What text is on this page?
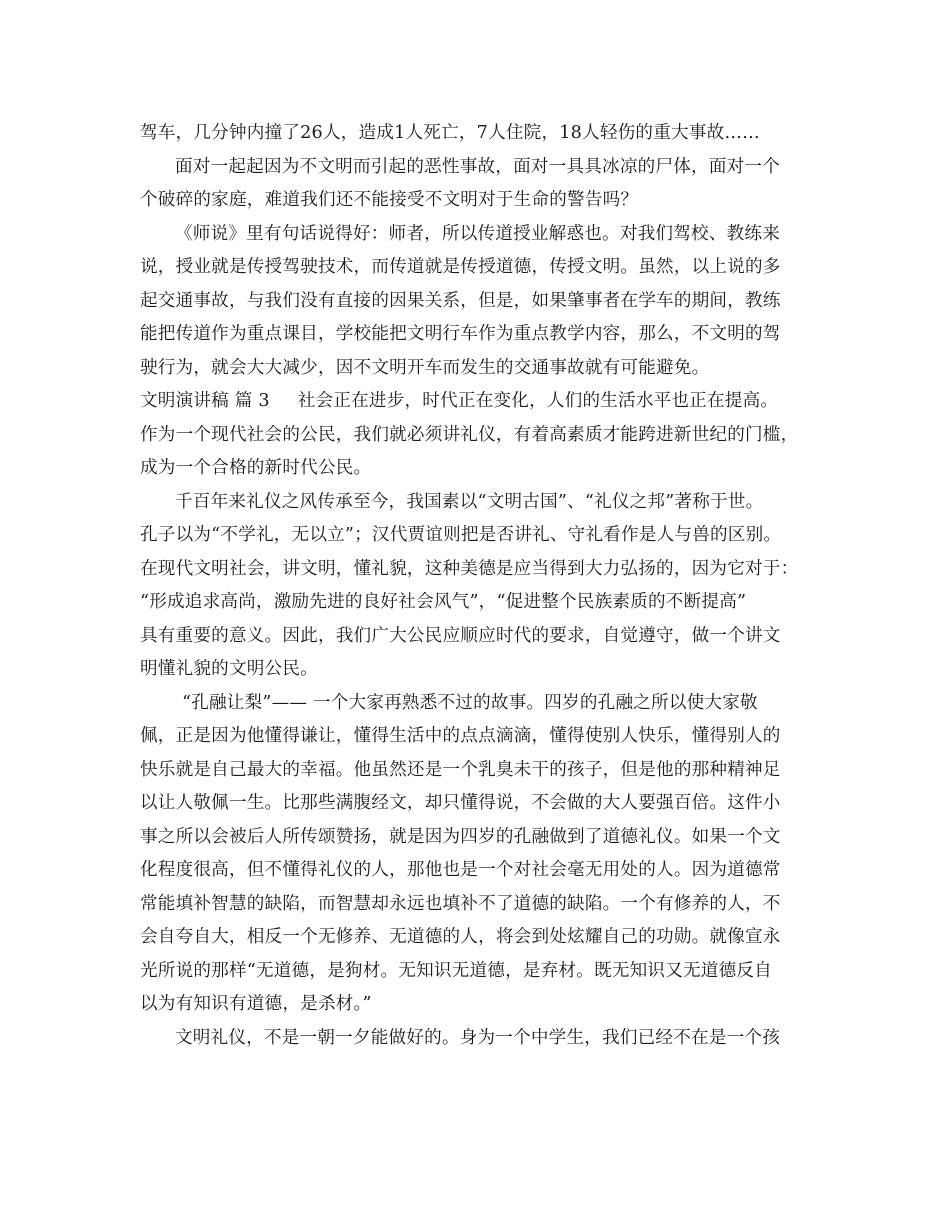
驾车，几分钟内撞了26人，造成1人死亡，7人住院，18人轻伤的重大事故……
面对一起起因为不文明而引起的恶性事故，面对一具具冰凉的尸体，面对一个
个破碎的家庭，难道我们还不能接受不文明对于生命的警告吗？
《师说》里有句话说得好：师者，所以传道授业解惑也。对我们驾校、教练来
说，授业就是传授驾驶技术，而传道就是传授道德，传授文明。虽然，以上说的多
起交通事故，与我们没有直接的因果关系，但是，如果肇事者在学车的期间，教练
能把传道作为重点课目，学校能把文明行车作为重点教学内容，那么，不文明的驾
驶行为，就会大大减少，因不文明开车而发生的交通事故就有可能避免。
文明演讲稿 篇 3 社会正在进步，时代正在变化，人们的生活水平也正在提高。
作为一个现代社会的公民，我们就必须讲礼仪，有着高素质才能跨进新世纪的门槛，
成为一个合格的新时代公民。
千百年来礼仪之风传承至今，我国素以“文明古国”、“礼仪之邦”著称于世。
孔子以为“不学礼，无以立”；汉代贾谊则把是否讲礼、守礼看作是人与兽的区别。
在现代文明社会，讲文明，懂礼貌，这种美德是应当得到大力弘扬的，因为它对于：
“形成追求高尚，激励先进的良好社会风气”，“促进整个民族素质的不断提高”
具有重要的意义。因此，我们广大公民应顺应时代的要求，自觉遵守，做一个讲文
明懂礼貌的文明公民。
“孔融让梨”—— 一个大家再熟悉不过的故事。四岁的孔融之所以使大家敬
佩，正是因为他懂得谦让，懂得生活中的点点滴滴，懂得使别人快乐，懂得别人的
快乐就是自己最大的幸福。他虽然还是一个乳臭未干的孩子，但是他的那种精神足
以让人敬佩一生。比那些满腹经文，却只懂得说，不会做的大人要强百倍。这件小
事之所以会被后人所传颂赞扬，就是因为四岁的孔融做到了道德礼仪。如果一个文
化程度很高，但不懂得礼仪的人，那他也是一个对社会毫无用处的人。因为道德常
常能填补智慧的缺陷，而智慧却永远也填补不了道德的缺陷。一个有修养的人，不
会自夸自大，相反一个无修养、无道德的人，将会到处炫耀自己的功勋。就像宣永
光所说的那样“无道德，是狗材。无知识无道德，是弃材。既无知识又无道德反自
以为有知识有道德，是杀材。”
文明礼仪，不是一朝一夕能做好的。身为一个中学生，我们已经不在是一个孩
